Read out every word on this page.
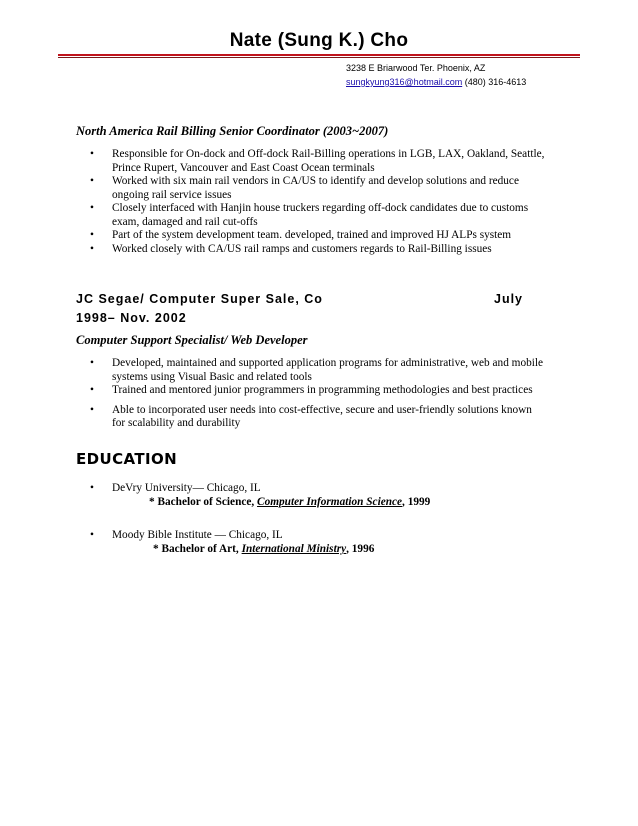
Nate (Sung K.) Cho
3238 E Briarwood Ter. Phoenix, AZ
sungkyung316@hotmail.com (480) 316-4613
North America Rail Billing Senior Coordinator (2003~2007)
• Responsible for On-dock and Off-dock Rail-Billing operations in LGB, LAX, Oakland, Seattle,
Prince Rupert, Vancouver and East Coast Ocean terminals
• Worked with six main rail vendors in CA/US to identify and develop solutions and reduce
ongoing rail service issues
• Closely interfaced with Hanjin house truckers regarding off-dock candidates due to customs
exam, damaged and rail cut-offs
• Part of the system development team. developed, trained and improved HJ ALPs system
• Worked closely with CA/US rail ramps and customers regards to Rail-Billing issues
JC Segae/ Computer Super Sale, Co	July
1998– Nov. 2002
Computer Support Specialist/ Web Developer
• Developed, maintained and supported application programs for administrative, web and mobile
systems using Visual Basic and related tools
• Trained and mentored junior programmers in programming methodologies and best practices
• Able to incorporated user needs into cost-effective, secure and user-friendly solutions known
for scalability and durability
EDUCATION
•	DeVry University— Chicago, IL
* Bachelor of Science, Computer Information Science, 1999
•	Moody Bible Institute — Chicago, IL
* Bachelor of Art, International Ministry, 1996
